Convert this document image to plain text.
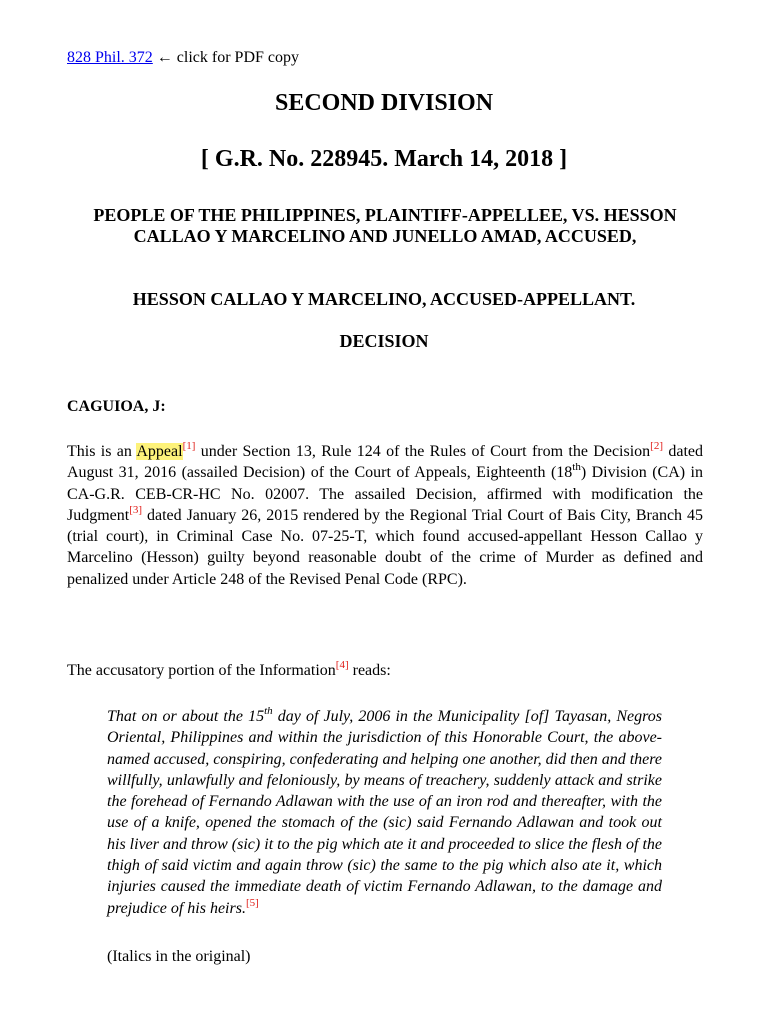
828 Phil. 372 ← click for PDF copy
SECOND DIVISION
[ G.R. No. 228945. March 14, 2018 ]
PEOPLE OF THE PHILIPPINES, PLAINTIFF-APPELLEE, VS. HESSON CALLAO Y MARCELINO AND JUNELLO AMAD, ACCUSED,
HESSON CALLAO Y MARCELINO, ACCUSED-APPELLANT.
DECISION
CAGUIOA, J:
This is an Appeal[1] under Section 13, Rule 124 of the Rules of Court from the Decision[2] dated August 31, 2016 (assailed Decision) of the Court of Appeals, Eighteenth (18th) Division (CA) in CA-G.R. CEB-CR-HC No. 02007. The assailed Decision, affirmed with modification the Judgment[3] dated January 26, 2015 rendered by the Regional Trial Court of Bais City, Branch 45 (trial court), in Criminal Case No. 07-25-T, which found accused-appellant Hesson Callao y Marcelino (Hesson) guilty beyond reasonable doubt of the crime of Murder as defined and penalized under Article 248 of the Revised Penal Code (RPC).
The accusatory portion of the Information[4] reads:
That on or about the 15th day of July, 2006 in the Municipality [of] Tayasan, Negros Oriental, Philippines and within the jurisdiction of this Honorable Court, the above-named accused, conspiring, confederating and helping one another, did then and there willfully, unlawfully and feloniously, by means of treachery, suddenly attack and strike the forehead of Fernando Adlawan with the use of an iron rod and thereafter, with the use of a knife, opened the stomach of the (sic) said Fernando Adlawan and took out his liver and throw (sic) it to the pig which ate it and proceeded to slice the flesh of the thigh of said victim and again throw (sic) the same to the pig which also ate it, which injuries caused the immediate death of victim Fernando Adlawan, to the damage and prejudice of his heirs.[5]
(Italics in the original)
